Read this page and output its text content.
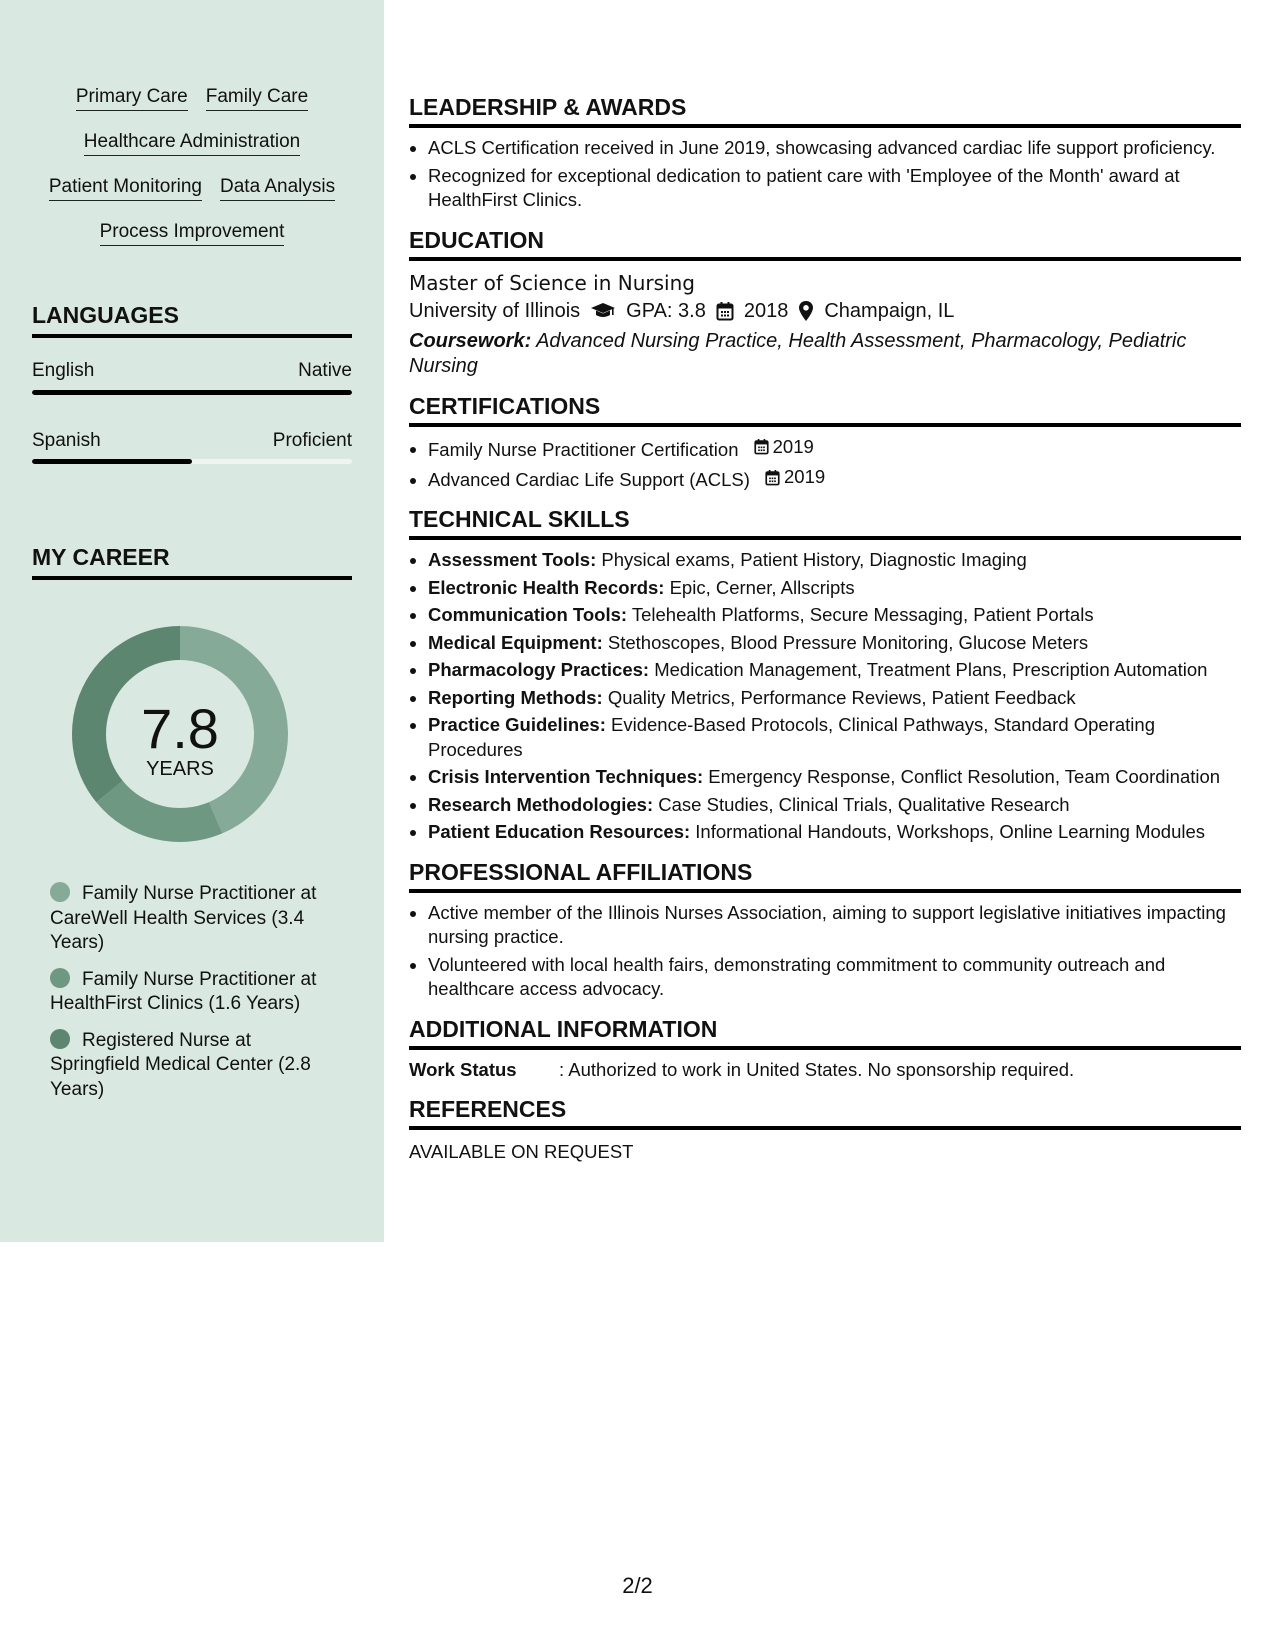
Primary Care Family Care
Healthcare Administration
Patient Monitoring Data Analysis
Process Improvement
LANGUAGES
English	Native
Spanish	Proficient
MY CAREER
7.8
YEARS
Family Nurse Practitioner at CareWell Health Services (3.4 Years)
Family Nurse Practitioner at HealthFirst Clinics (1.6 Years)
Registered Nurse at Springfield Medical Center (2.8 Years)
LEADERSHIP & AWARDS
• ACLS Certification received in June 2019, showcasing advanced cardiac life support proficiency.
• Recognized for exceptional dedication to patient care with 'Employee of the Month' award at HealthFirst Clinics.
EDUCATION
Master of Science in Nursing
University of Illinois GPA: 3.8 2018 Champaign, IL
Coursework: Advanced Nursing Practice, Health Assessment, Pharmacology, Pediatric Nursing
CERTIFICATIONS
• Family Nurse Practitioner Certification 2019
• Advanced Cardiac Life Support (ACLS) 2019
TECHNICAL SKILLS
• Assessment Tools: Physical exams, Patient History, Diagnostic Imaging
• Electronic Health Records: Epic, Cerner, Allscripts
• Communication Tools: Telehealth Platforms, Secure Messaging, Patient Portals
• Medical Equipment: Stethoscopes, Blood Pressure Monitoring, Glucose Meters
• Pharmacology Practices: Medication Management, Treatment Plans, Prescription Automation
• Reporting Methods: Quality Metrics, Performance Reviews, Patient Feedback
• Practice Guidelines: Evidence-Based Protocols, Clinical Pathways, Standard Operating Procedures
• Crisis Intervention Techniques: Emergency Response, Conflict Resolution, Team Coordination
• Research Methodologies: Case Studies, Clinical Trials, Qualitative Research
• Patient Education Resources: Informational Handouts, Workshops, Online Learning Modules
PROFESSIONAL AFFILIATIONS
• Active member of the Illinois Nurses Association, aiming to support legislative initiatives impacting nursing practice.
• Volunteered with local health fairs, demonstrating commitment to community outreach and healthcare access advocacy.
ADDITIONAL INFORMATION
Work Status	: Authorized to work in United States. No sponsorship required.
REFERENCES
AVAILABLE ON REQUEST
2/2
